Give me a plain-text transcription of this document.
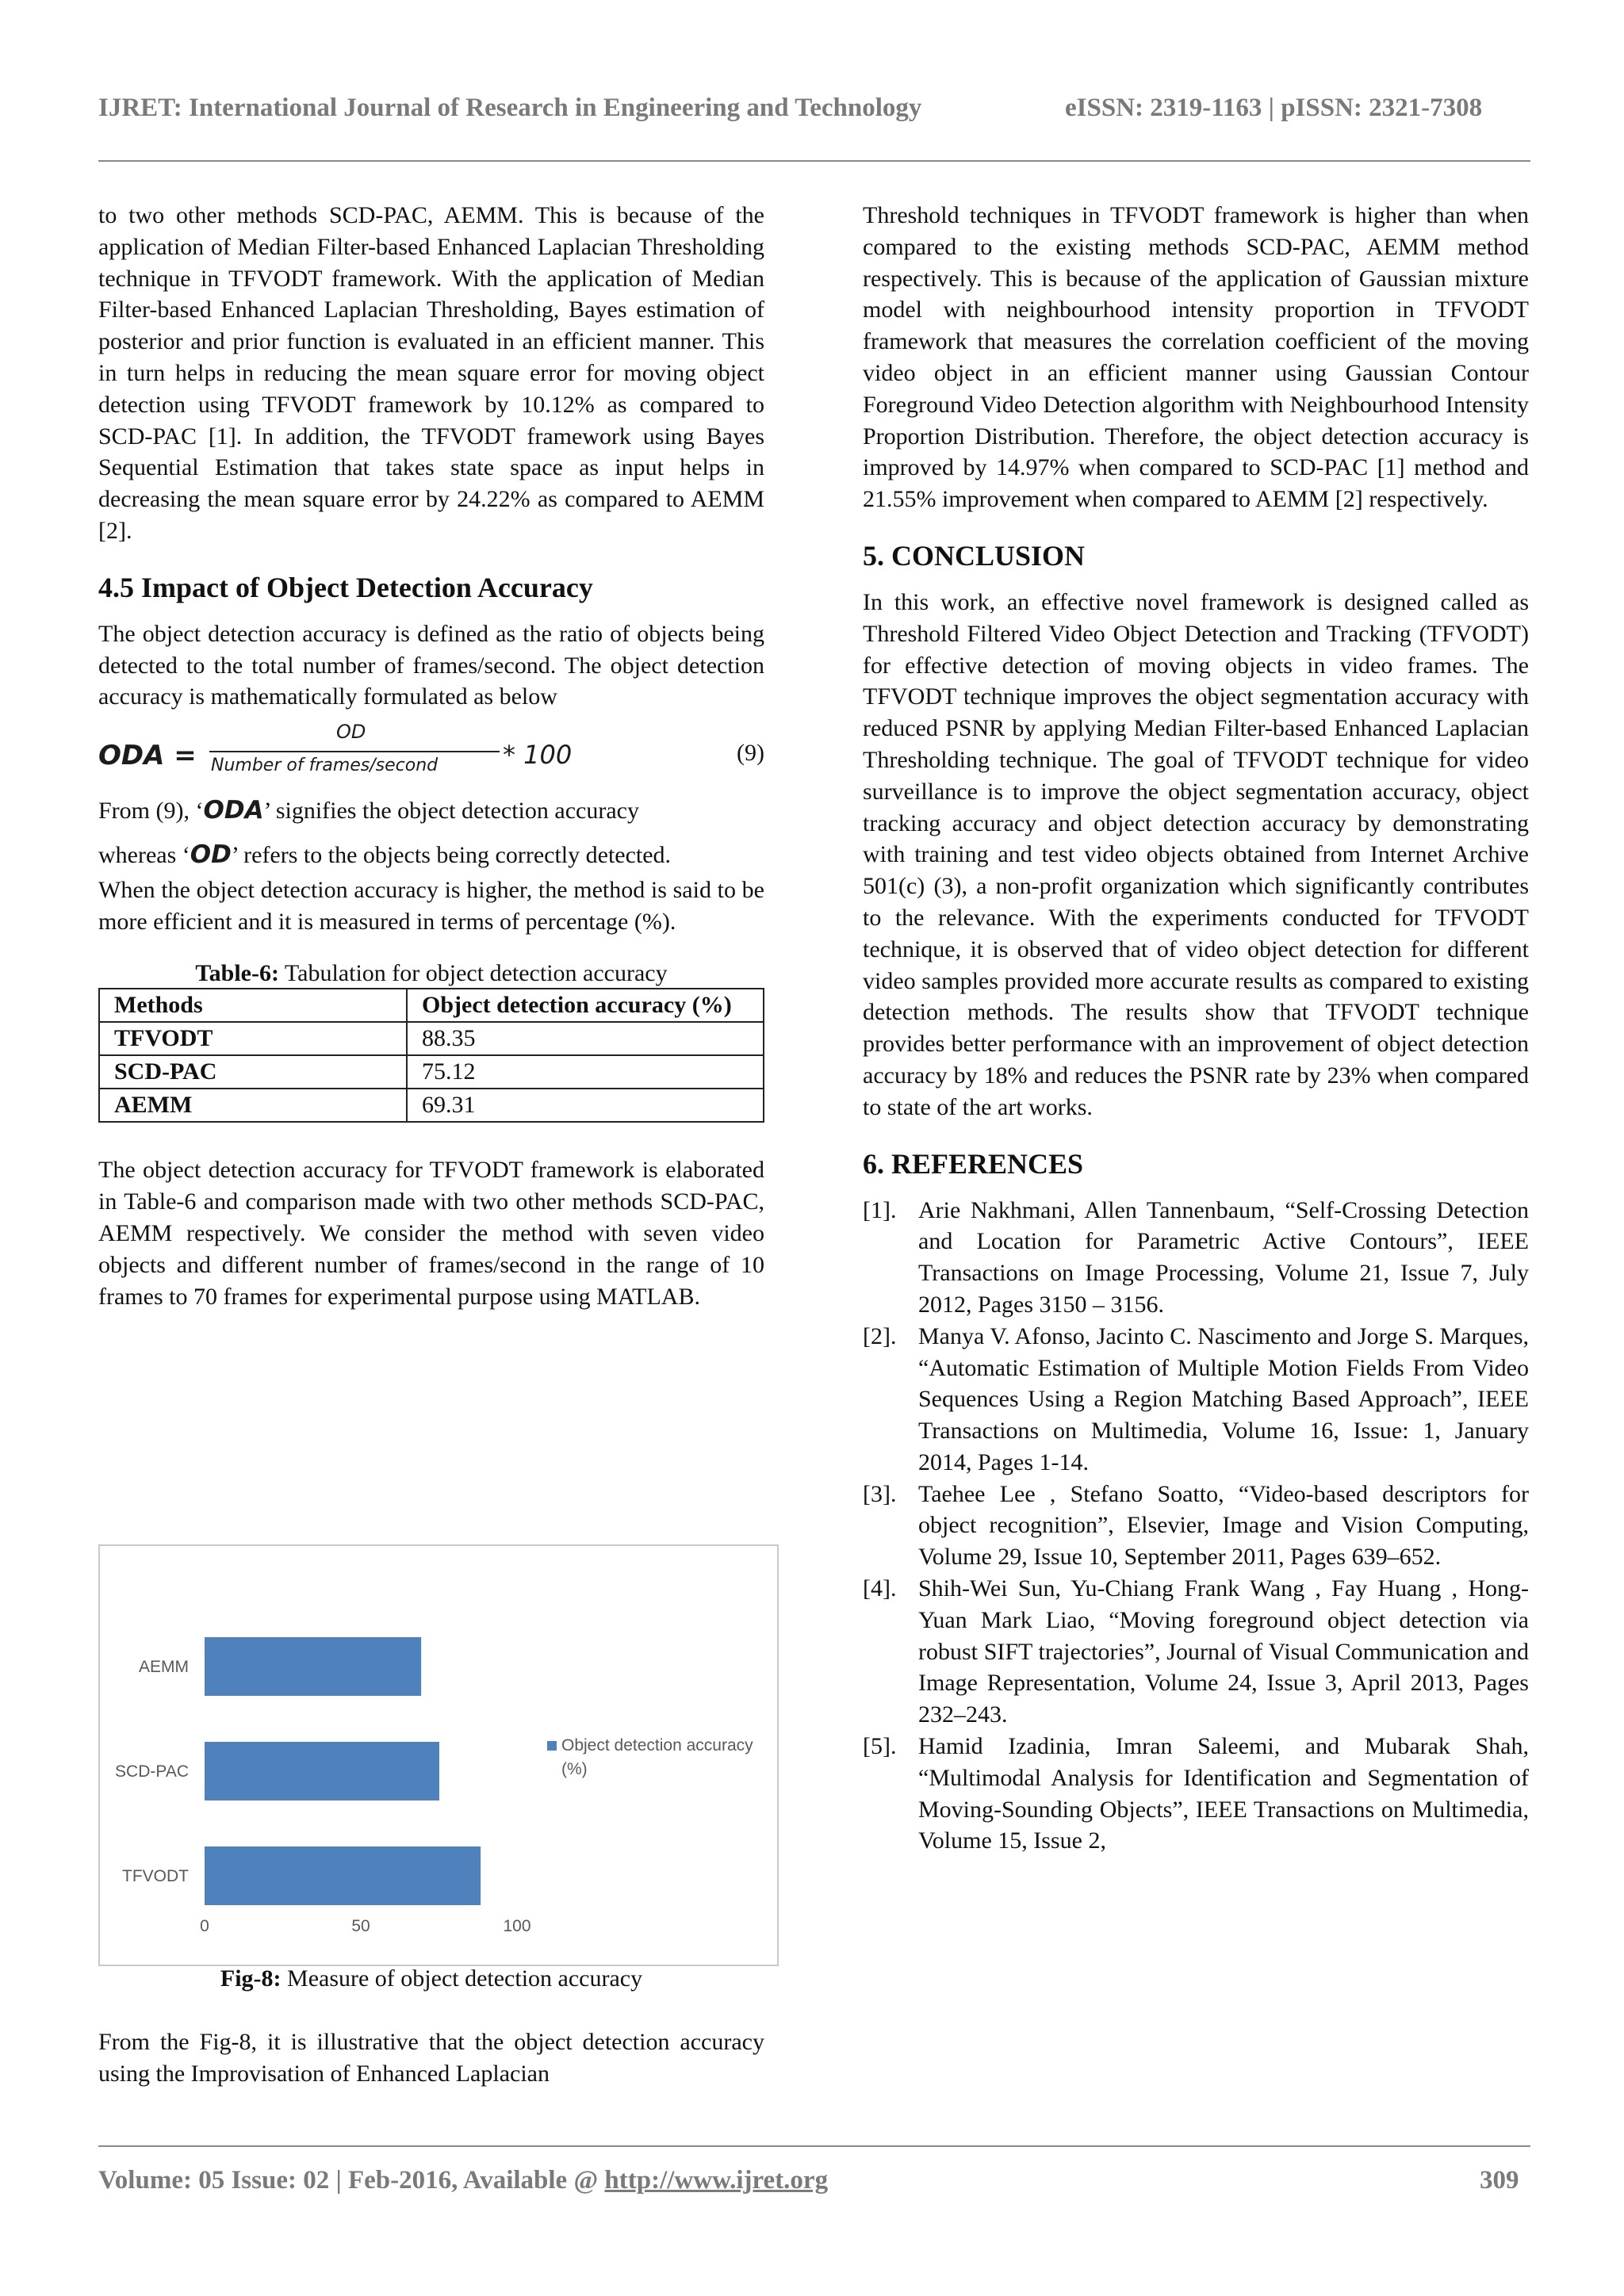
IJRET: International Journal of Research in Engineering and Technology	eISSN: 2319-1163 | pISSN: 2321-7308

to two other methods SCD-PAC, AEMM. This is because of the application of Median Filter-based Enhanced Laplacian Thresholding technique in TFVODT framework. With the application of Median Filter-based Enhanced Laplacian Thresholding, Bayes estimation of posterior and prior function is evaluated in an efficient manner. This in turn helps in reducing the mean square error for moving object detection using TFVODT framework by 10.12% as compared to SCD-PAC [1]. In addition, the TFVODT framework using Bayes Sequential Estimation that takes state space as input helps in decreasing the mean square error by 24.22% as compared to AEMM [2].

4.5 Impact of Object Detection Accuracy

The object detection accuracy is defined as the ratio of objects being detected to the total number of frames/second. The object detection accuracy is mathematically formulated as below

ODA =
OD
Number of frames/second	* 100	(9)

From (9), ‘ODA’ signifies the object detection accuracy

whereas ‘OD’ refers to the objects being correctly detected.

When the object detection accuracy is higher, the method is said to be more efficient and it is measured in terms of percentage (%).

Table-6: Tabulation for object detection accuracy
Methods	Object detection accuracy (%)
TFVODT	88.35
SCD-PAC	75.12
AEMM	69.31

The object detection accuracy for TFVODT framework is elaborated in Table-6 and comparison made with two other methods SCD-PAC, AEMM respectively. We consider the method with seven video objects and different number of frames/second in the range of 10 frames to 70 frames for experimental purpose using MATLAB.

AEMM
SCD-PAC
TFVODT
0	50	100
Object detection accuracy
(%)
Fig-8: Measure of object detection accuracy

From the Fig-8, it is illustrative that the object detection accuracy using the Improvisation of Enhanced Laplacian

Threshold techniques in TFVODT framework is higher than when compared to the existing methods SCD-PAC, AEMM method respectively. This is because of the application of Gaussian mixture model with neighbourhood intensity proportion in TFVODT framework that measures the correlation coefficient of the moving video object in an efficient manner using Gaussian Contour Foreground Video Detection algorithm with Neighbourhood Intensity Proportion Distribution. Therefore, the object detection accuracy is improved by 14.97% when compared to SCD-PAC [1] method and 21.55% improvement when compared to AEMM [2] respectively.

5. CONCLUSION

In this work, an effective novel framework is designed called as Threshold Filtered Video Object Detection and Tracking (TFVODT) for effective detection of moving objects in video frames. The TFVODT technique improves the object segmentation accuracy with reduced PSNR by applying Median Filter-based Enhanced Laplacian Thresholding technique. The goal of TFVODT technique for video surveillance is to improve the object segmentation accuracy, object tracking accuracy and object detection accuracy by demonstrating with training and test video objects obtained from Internet Archive 501(c) (3), a non-profit organization which significantly contributes to the relevance. With the experiments conducted for TFVODT technique, it is observed that of video object detection for different video samples provided more accurate results as compared to existing detection methods. The results show that TFVODT technique provides better performance with an improvement of object detection accuracy by 18% and reduces the PSNR rate by 23% when compared to state of the art works.

6. REFERENCES

[1]. Arie Nakhmani, Allen Tannenbaum, “Self-Crossing Detection and Location for Parametric Active Contours”, IEEE Transactions on Image Processing, Volume 21, Issue 7, July 2012, Pages 3150 – 3156.
[2]. Manya V. Afonso, Jacinto C. Nascimento and Jorge S. Marques, “Automatic Estimation of Multiple Motion Fields From Video Sequences Using a Region Matching Based Approach”, IEEE Transactions on Multimedia, Volume 16, Issue: 1, January 2014, Pages 1-14.
[3]. Taehee Lee , Stefano Soatto, “Video-based descriptors for object recognition”, Elsevier, Image and Vision Computing, Volume 29, Issue 10, September 2011, Pages 639–652.
[4]. Shih-Wei Sun, Yu-Chiang Frank Wang , Fay Huang , Hong-Yuan Mark Liao, “Moving foreground object detection via robust SIFT trajectories”, Journal of Visual Communication and Image Representation, Volume 24, Issue 3, April 2013, Pages 232–243.
[5]. Hamid Izadinia, Imran Saleemi, and Mubarak Shah, “Multimodal Analysis for Identification and Segmentation of Moving-Sounding Objects”, IEEE Transactions on Multimedia, Volume 15, Issue 2,
Volume: 05 Issue: 02 | Feb-2016, Available @ http://www.ijret.org	309
